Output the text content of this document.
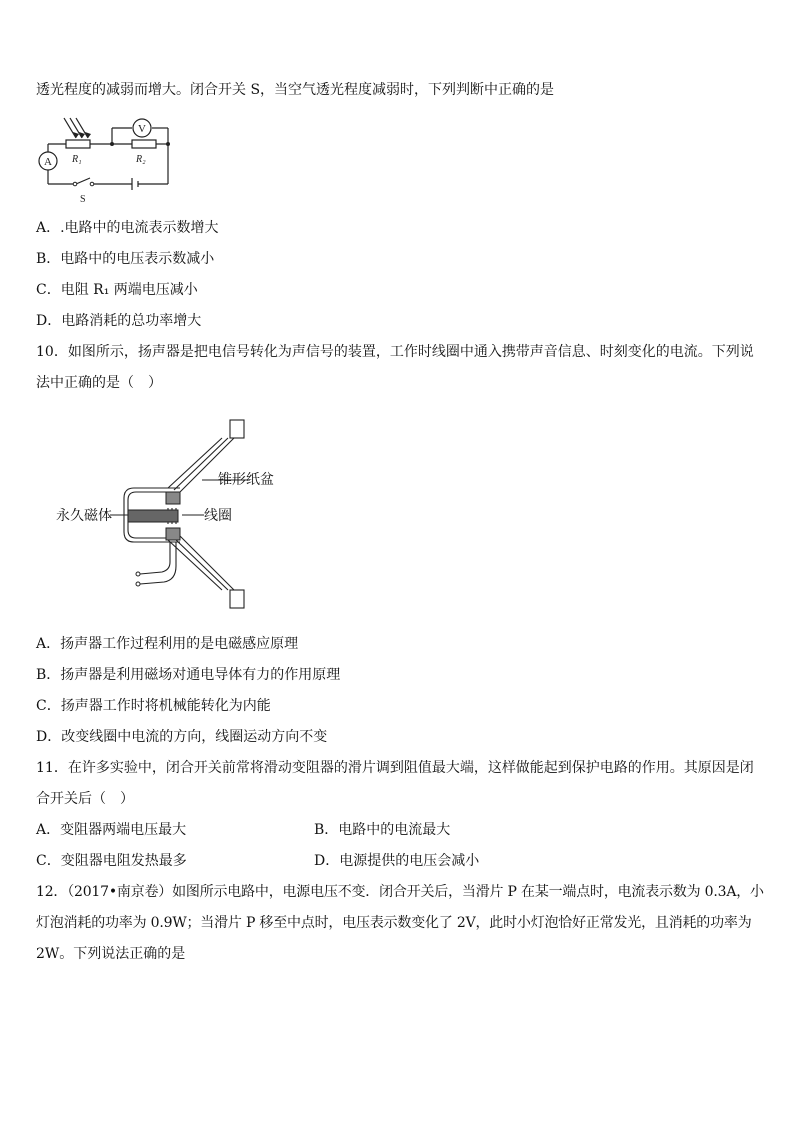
透光程度的减弱而增大。闭合开关 S，当空气透光程度减弱时，下列判断中正确的是
A
V
R₁	R₂
S
A．.电路中的电流表示数增大
B．电路中的电压表示数减小
C．电阻 R₁ 两端电压减小
D．电路消耗的总功率增大
10．如图所示，扬声器是把电信号转化为声信号的装置，工作时线圈中通入携带声音信息、时刻变化的电流。下列说
法中正确的是（　）
锥形纸盆
永久磁体	线圈
A．扬声器工作过程利用的是电磁感应原理
B．扬声器是利用磁场对通电导体有力的作用原理
C．扬声器工作时将机械能转化为内能
D．改变线圈中电流的方向，线圈运动方向不变
11．在许多实验中，闭合开关前常将滑动变阻器的滑片调到阻值最大端，这样做能起到保护电路的作用。其原因是闭
合开关后（　）
A．变阻器两端电压最大	B．电路中的电流最大
C．变阻器电阻发热最多	D．电源提供的电压会减小
12．（2017•南京卷）如图所示电路中，电源电压不变．闭合开关后，当滑片 P 在某一端点时，电流表示数为 0.3A，小
灯泡消耗的功率为 0.9W；当滑片 P 移至中点时，电压表示数变化了 2V，此时小灯泡恰好正常发光，且消耗的功率为
2W。下列说法正确的是
